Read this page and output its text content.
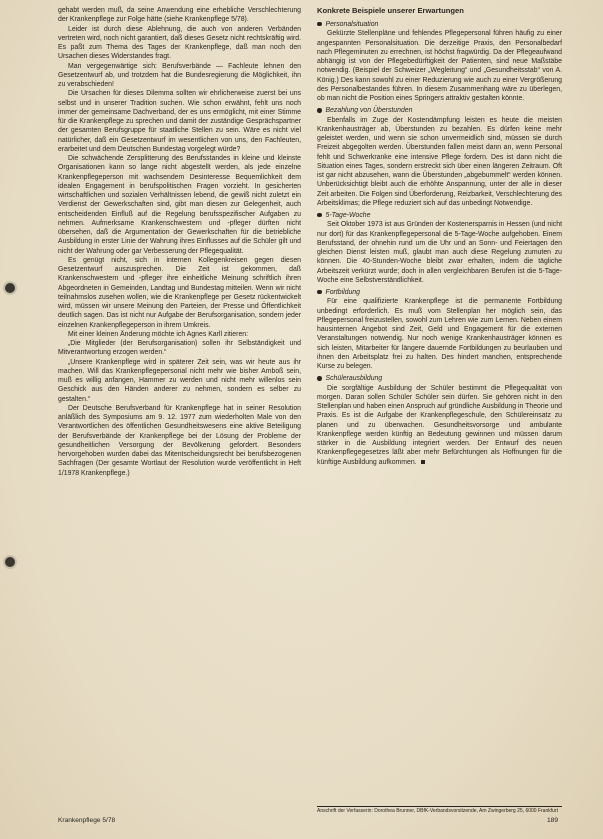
gehabt werden muß, da seine Anwendung eine erhebliche Verschlechterung der Krankenpflege zur Folge hätte (siehe Krankenpflege 5/78).

Leider ist durch diese Ablehnung, die auch von anderen Verbänden vertreten wird, noch nicht garantiert, daß dieses Gesetz nicht rechtskräftig wird. Es paßt zum Thema des Tages der Krankenpflege, daß man noch den Ursachen dieses Widerstandes fragt.

Man vergegenwärtige sich: Berufsverbände — Fachleute lehnen den Gesetzentwurf ab, und trotzdem hat die Bundesregierung die Möglichkeit, ihn zu verabschieden!

Die Ursachen für dieses Dilemma sollten wir ehrlicherweise zuerst bei uns selbst und in unserer Tradition suchen. Wie schon erwähnt, fehlt uns noch immer der gemeinsame Dachverband, der es uns ermöglicht, mit einer Stimme für die Krankenpflege zu sprechen und damit der zuständige Gesprächspartner der gesamten Berufsgruppe für staatliche Stellen zu sein. Wäre es nicht viel natürlicher, daß ein Gesetzentwurf im wesentlichen von uns, den Fachleuten, erarbeitet und dem Deutschen Bundestag vorgelegt würde?

Die schwächende Zersplitterung des Berufsstandes in kleine und kleinste Organisationen kann so lange nicht abgestellt werden, als jede einzelne Krankenpflegeperson mit wachsendem Desinteresse Bequemlichkeit dem idealen Engagement in berufspolitischen Fragen vorzieht. In gesicherten wirtschaftlichen und sozialen Verhältnissen lebend, die gewiß nicht zuletzt ein Verdienst der Gewerkschaften sind, gibt man diesen zur Gelegenheit, auch entscheidenden Einfluß auf die Regelung berufsspezifischer Aufgaben zu nehmen. Aufmerksame Krankenschwestern und -pfleger dürften nicht übersehen, daß die Argumentation der Gewerkschaften für die betriebliche Ausbildung in erster Linie der Wahrung ihres Einflusses auf die Schüler gilt und nicht der Wahrung oder gar Verbesserung der Pflegequalität.

Es genügt nicht, sich in internen Kollegenkreisen gegen diesen Gesetzentwurf auszusprechen. Die Zeit ist gekommen, daß Krankenschwestern und -pfleger ihre einheitliche Meinung schriftlich ihren Abgeordneten in Gemeinden, Landtag und Bundestag mitteilen. Wenn wir nicht teilnahmslos zusehen wollen, wie die Krankenpflege per Gesetz rückentwickelt wird, müssen wir unsere Meinung den Parteien, der Presse und Öffentlichkeit deutlich sagen. Das ist nicht nur Aufgabe der Berufsorganisation, sondern jeder einzelnen Krankenpflegeperson in ihrem Umkreis.

Mit einer kleinen Änderung möchte ich Agnes Karll zitieren:

„Die Mitglieder (der Berufsorganisation) sollen ihr Selbständigkeit und Mitverantwortung erzogen werden.“

„Unsere Krankenpflege wird in späterer Zeit sein, was wir heute aus ihr machen. Will das Krankenpflegepersonal nicht mehr wie bisher Amboß sein, muß es willig anfangen, Hammer zu werden und nicht mehr willenlos sein Geschick aus den Händen anderer zu nehmen, sondern es selber zu gestalten.“

Der Deutsche Berufsverband für Krankenpflege hat in seiner Resolution anläßlich des Symposiums am 9. 12. 1977 zum wiederholten Male von den Verantwortlichen des öffentlichen Gesundheitswesens eine aktive Beteiligung der Berufsverbände der Krankenpflege bei der Lösung der Probleme der gesundheitlichen Versorgung der Bevölkerung gefordert. Besonders hervorgehoben wurden dabei das Mitentscheidungsrecht bei berufsbezogenen Sachfragen (Der gesamte Wortlaut der Resolution wurde veröffentlicht in Heft 1/1978 Krankenpflege.)

Konkrete Beispiele unserer Erwartungen
Personalsituation

Gekürzte Stellenpläne und fehlendes Pflegepersonal führen häufig zu einer angespannten Personalsituation. Die derzeitige Praxis, den Personalbedarf nach Pflegeminuten zu errechnen, ist höchst fragwürdig. Da der Pflegeaufwand abhängig ist von der Pflegebedürftigkeit der Patienten, sind neue Maßstäbe notwendig. (Beispiel der Schweizer „Wegleitung“ und „Gesundheitsstab“ von A. König.) Des kann sowohl zu einer Reduzierung wie auch zu einer Vergrößerung des Personalbestandes führen. In diesem Zusammenhang wäre zu überlegen, ob man nicht die Position eines Springers attraktiv gestalten könnte.

Bezahlung von Überstunden

Ebenfalls im Zuge der Kostendämpfung leisten es heute die meisten Krankenhausträger ab, Überstunden zu bezahlen. Es dürfen keine mehr geleistet werden, und wenn sie schon unvermeidlich sind, müssen sie durch Freizeit abgegolten werden. Überstunden fallen meist dann an, wenn Personal fehlt und Schwerkranke eine intensive Pflege fordern. Des ist dann nicht die Situation eines Tages, sondern erstreckt sich über einen längeren Zeitraum. Oft ist gar nicht abzusehen, wann die Überstunden „abgebummelt“ werden können. Unberücksichtigt bleibt auch die erhöhte Anspannung, unter der alle in dieser Zeit arbeiten. Die Folgen sind Überforderung, Reizbarkeit, Verschlechterung des Arbeitsklimas; die Pflege reduziert sich auf das unbedingt Notwendige.

5-Tage-Woche

Seit Oktober 1973 ist aus Gründen der Kostenersparnis in Hessen (und nicht nur dort) für das Krankenpflegepersonal die 5-Tage-Woche aufgehoben. Einem Berufsstand, der ohnehin rund um die Uhr und an Sonn- und Feiertagen den gleichen Dienst leisten muß, glaubt man auch diese Regelung zumuten zu können. Die 40-Stunden-Woche bleibt zwar erhalten, indem die tägliche Arbeitszeit verkürzt wurde; doch in allen vergleichbaren Berufen ist die 5-Tage-Woche eine Selbstverständlichkeit.

Fortbildung

Für eine qualifizierte Krankenpflege ist die permanente Fortbildung unbedingt erforderlich. Es muß vom Stellenplan her möglich sein, das Pflegepersonal freizustellen, sowohl zum Lehren wie zum Lernen. Neben einem hausinternen Angebot sind Zeit, Geld und Engagement für die externen Veranstaltungen notwendig. Nur noch wenige Krankenhausträger können es sich leisten, Mitarbeiter für längere dauernde Fortbildungen zu beurlauben und ihnen den Arbeitsplatz frei zu halten. Des hindert manchen, entsprechende Kurse zu belegen.

Schülerausbildung

Die sorgfältige Ausbildung der Schüler bestimmt die Pflegequalität von morgen. Daran sollen Schüler Schüler sein dürfen. Sie gehören nicht in den Stellenplan und haben einen Anspruch auf gründliche Ausbildung in Theorie und Praxis. Es ist die Aufgabe der Krankenpflegeschule, den Schülereinsatz zu planen und zu überwachen. Gesundheitsvorsorge und ambulante Krankenpflege werden künftig an Bedeutung gewinnen und müssen darum stärker in die Ausbildung integriert werden. Der Entwurf des neuen Krankenpflegegesetzes läßt aber mehr Befürchtungen als Hoffnungen für die künftige Ausbildung aufkommen.

Anschrift der Verfasserin: Dorothea Brunner, DBfK-Verbandsvorsitzende, Am Zwingerberg 25, 6000 Frankfurt
Krankenpflege 5/78	189
